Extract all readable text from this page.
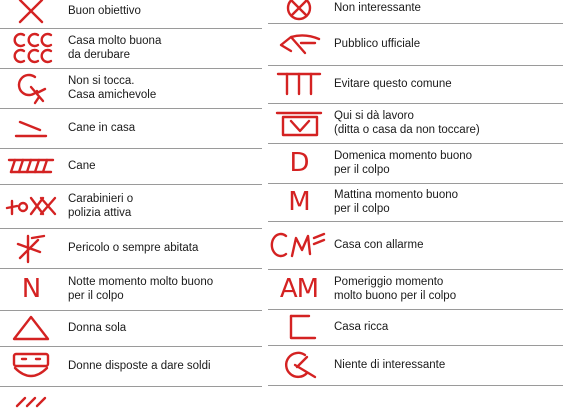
Buon obiettivo
Casa molto buona
da derubare
Non si tocca.
Casa amichevole
Cane in casa
Cane
Carabinieri o
polizia attiva
Pericolo o sempre abitata
N Notte momento molto buono
per il colpo
Donna sola
Donne disposte a dare soldi
Non interessante
Pubblico ufficiale
Evitare questo comune
Qui si dà lavoro
(ditta o casa da non toccare)
D Domenica momento buono
per il colpo
M Mattina momento buono
per il colpo
Casa con allarme
AM Pomeriggio momento
molto buono per il colpo
Casa ricca
Niente di interessante
